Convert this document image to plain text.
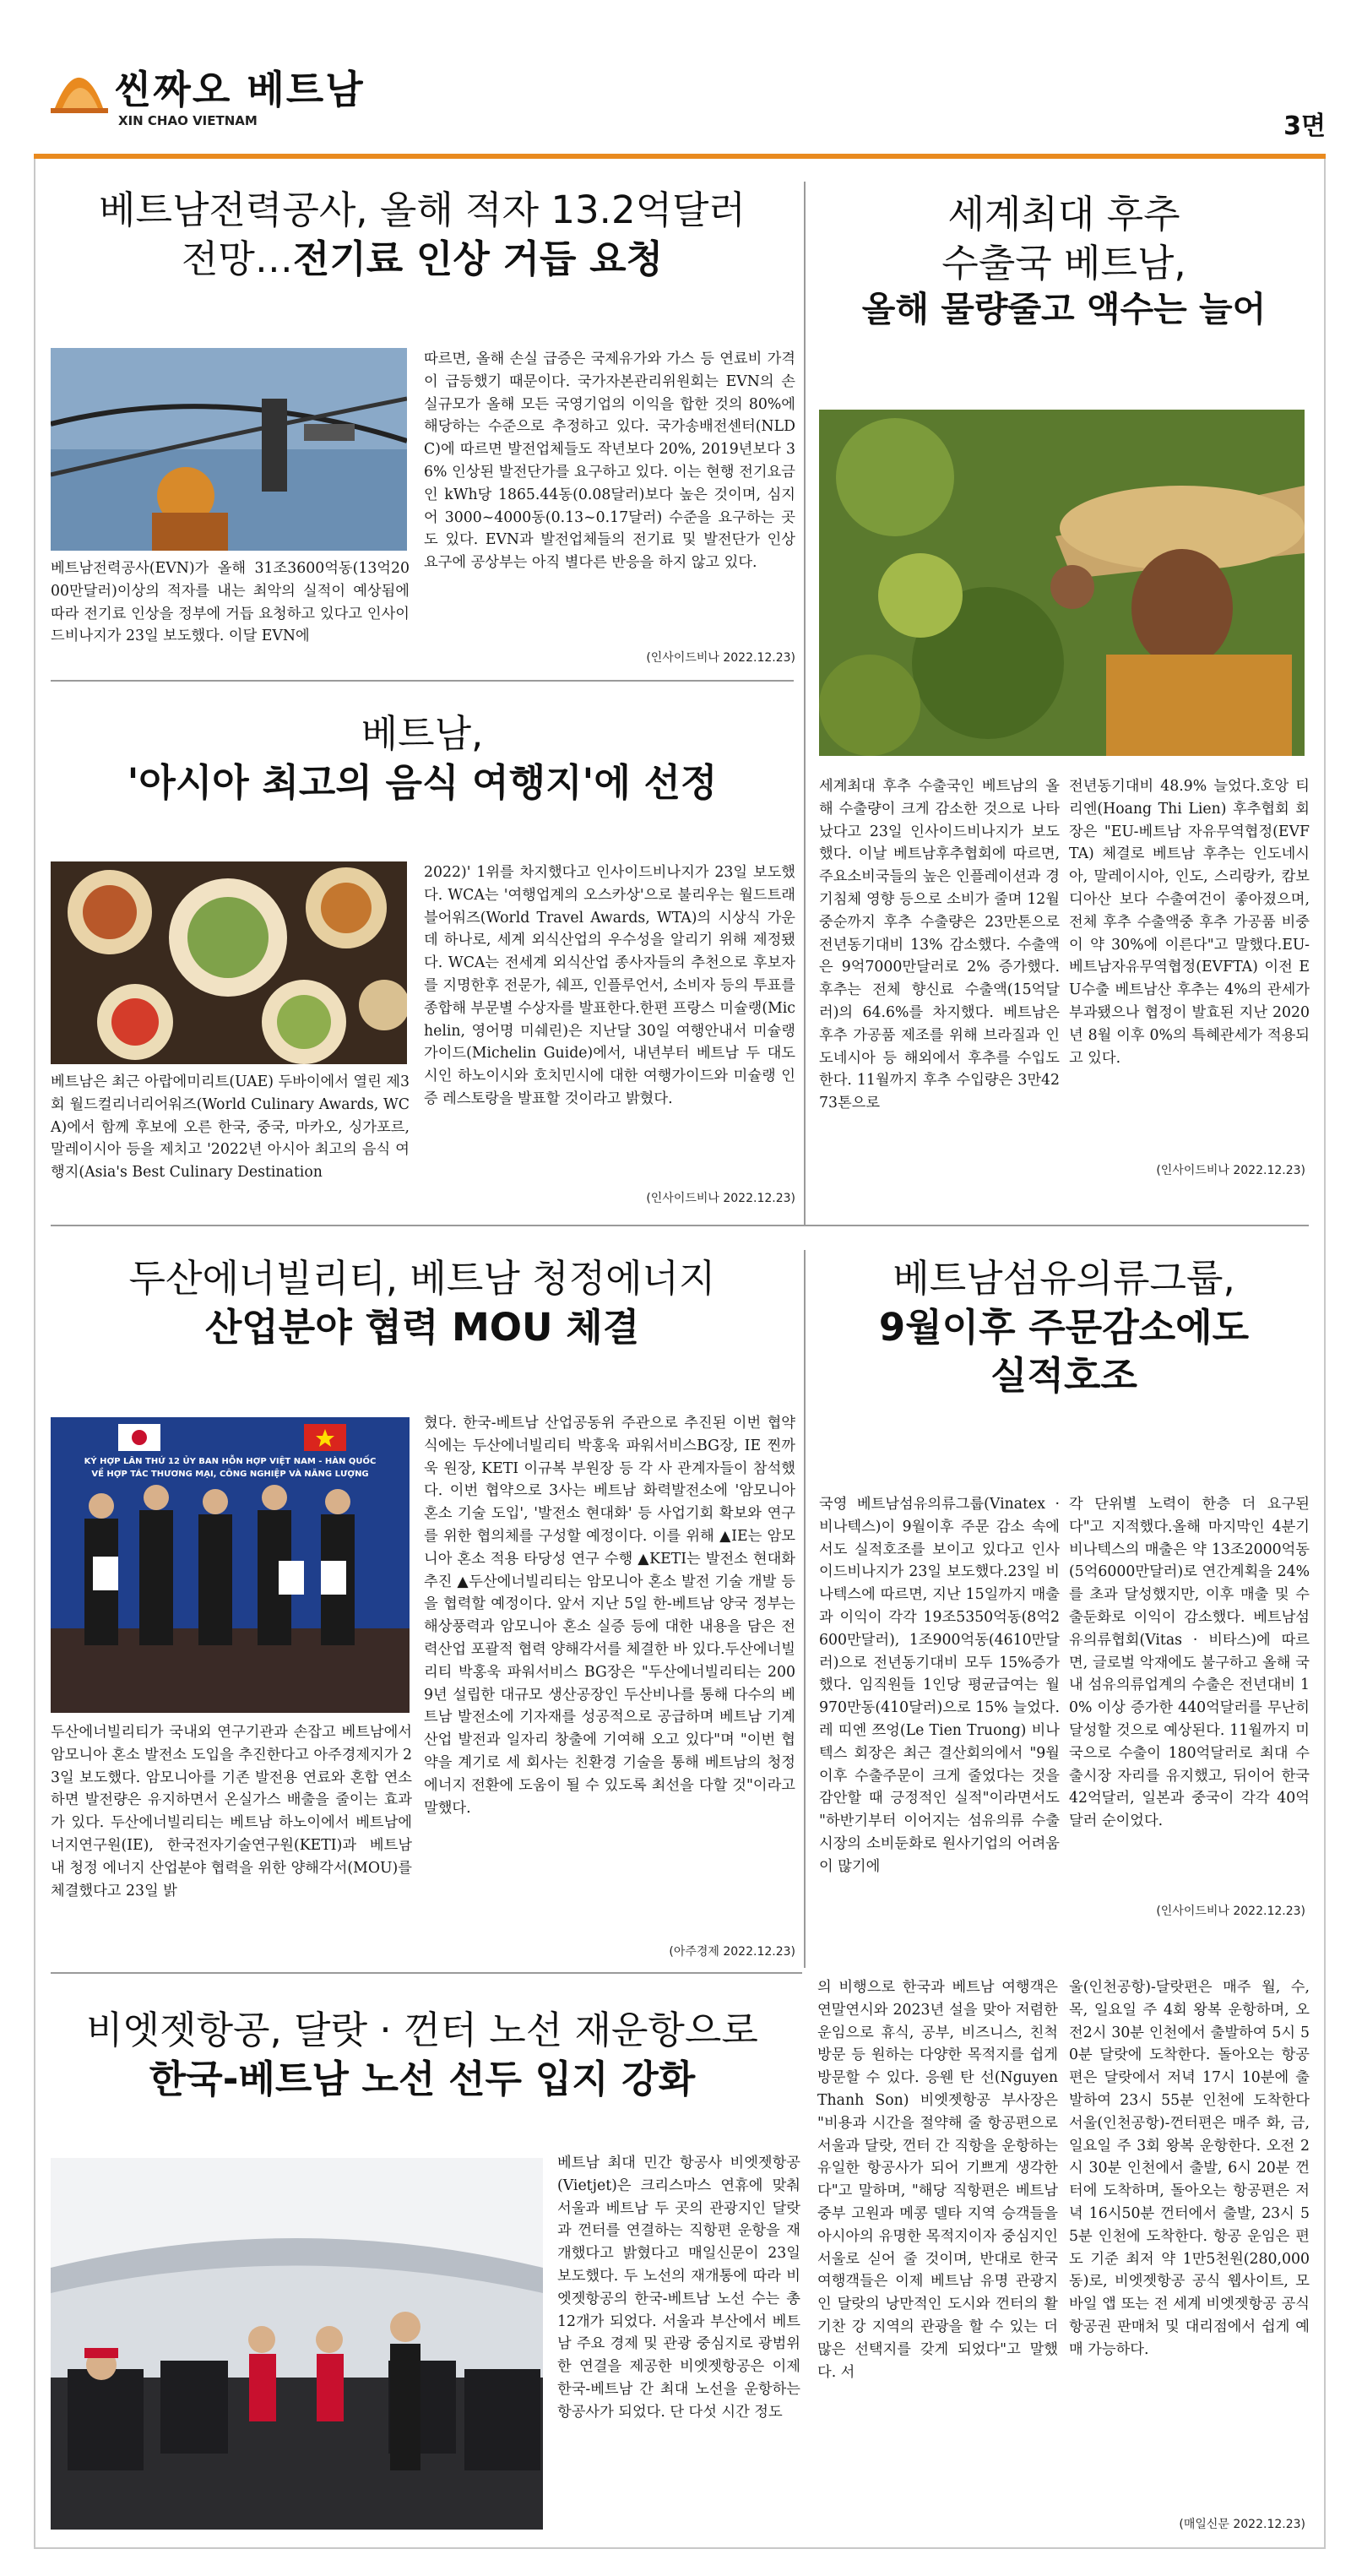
씬짜오 베트남
XIN CHAO VIETNAM	3면
베트남전력공사, 올해 적자 13.2억달러
전망…전기료 인상 거듭 요청
베트남전력공사(EVN)가 올해 31조3600억동(13억2000만달러)이상의 적자를 내는 최악의 실적이 예상됨에 따라 전기료 인상을 정부에 거듭 요청하고 있다고 인사이드비나지가 23일 보도했다. 이달 EVN에
따르면, 올해 손실 급증은 국제유가와 가스 등 연료비 가격이 급등했기 때문이다. 국가자본관리위원회는 EVN의 손실규모가 올해 모든 국영기업의 이익을 합한 것의 80%에 해당하는 수준으로 추정하고 있다. 국가송배전센터(NLDC)에 따르면 발전업체들도 작년보다 20%, 2019년보다 36% 인상된 발전단가를 요구하고 있다. 이는 현행 전기요금인 kWh당 1865.44동(0.08달러)보다 높은 것이며, 심지어 3000~4000동(0.13~0.17달러) 수준을 요구하는 곳도 있다. EVN과 발전업체들의 전기료 및 발전단가 인상 요구에 공상부는 아직 별다른 반응을 하지 않고 있다.
(인사이드비나 2022.12.23)
세계최대 후추
수출국 베트남,
올해 물량줄고 액수는 늘어
세계최대 후추 수출국인 베트남의 올해 수출량이 크게 감소한 것으로 나타났다고 23일 인사이드비나지가 보도했다. 이날 베트남후추협회에 따르면, 주요소비국들의 높은 인플레이션과 경기침체 영향 등으로 소비가 줄며 12월 중순까지 후추 수출량은 23만톤으로 전년동기대비 13% 감소했다. 수출액은 9억7000만달러로 2% 증가했다. 후추는 전체 향신료 수출액(15억달러)의 64.6%를 차지했다. 베트남은 후추 가공품 제조를 위해 브라질과 인도네시아 등 해외에서 후추를 수입도 한다. 11월까지 후추 수입량은 3만4273톤으로
전년동기대비 48.9% 늘었다.호앙 티 리엔(Hoang Thi Lien) 후추협회 회장은 "EU-베트남 자유무역협정(EVFTA) 체결로 베트남 후추는 인도네시아, 말레이시아, 인도, 스리랑카, 캄보디아산 보다 수출여건이 좋아졌으며, 전체 후추 수출액중 후추 가공품 비중이 약 30%에 이른다"고 말했다.EU-베트남자유무역협정(EVFTA) 이전 EU수출 베트남산 후추는 4%의 관세가 부과됐으나 협정이 발효된 지난 2020년 8월 이후 0%의 특혜관세가 적용되고 있다.
(인사이드비나 2022.12.23)
베트남,
'아시아 최고의 음식 여행지'에 선정
베트남은 최근 아랍에미리트(UAE) 두바이에서 열린 제3회 월드컬리너리어워즈(World Culinary Awards, WCA)에서 함께 후보에 오른 한국, 중국, 마카오, 싱가포르, 말레이시아 등을 제치고 '2022년 아시아 최고의 음식 여행지(Asia's Best Culinary Destination
2022)' 1위를 차지했다고 인사이드비나지가 23일 보도했다. WCA는 '여행업계의 오스카상'으로 불리우는 월드트래블어워즈(World Travel Awards, WTA)의 시상식 가운데 하나로, 세계 외식산업의 우수성을 알리기 위해 제정됐다. WCA는 전세계 외식산업 종사자들의 추천으로 후보자를 지명한후 전문가, 쉐프, 인플루언서, 소비자 등의 투표를 종합해 부문별 수상자를 발표한다.한편 프랑스 미슐랭(Michelin, 영어명 미쉐린)은 지난달 30일 여행안내서 미슐랭가이드(Michelin Guide)에서, 내년부터 베트남 두 대도시인 하노이시와 호치민시에 대한 여행가이드와 미슐랭 인증 레스토랑을 발표할 것이라고 밝혔다.
(인사이드비나 2022.12.23)
두산에너빌리티, 베트남 청정에너지
산업분야 협력 MOU 체결
KÝ HỢP LÂN THỨ 12 ỦY BAN HỖN HỢP VIỆT NAM - HÀN QUỐC
VỀ HỢP TÁC THƯƠNG MẠI, CÔNG NGHIỆP VÀ NĂNG LƯỢNG
두산에너빌리티가 국내외 연구기관과 손잡고 베트남에서 암모니아 혼소 발전소 도입을 추진한다고 아주경제지가 23일 보도했다. 암모니아를 기존 발전용 연료와 혼합 연소하면 발전량은 유지하면서 온실가스 배출을 줄이는 효과가 있다. 두산에너빌리티는 베트남 하노이에서 베트남에너지연구원(IE), 한국전자기술연구원(KETI)과 베트남 내 청정 에너지 산업분야 협력을 위한 양해각서(MOU)를 체결했다고 23일 밝
혔다. 한국-베트남 산업공동위 주관으로 추진된 이번 협약식에는 두산에너빌리티 박홍욱 파워서비스BG장, IE 찐까욱 원장, KETI 이규복 부원장 등 각 사 관계자들이 참석했다. 이번 협약으로 3사는 베트남 화력발전소에 '암모니아 혼소 기술 도입', '발전소 현대화' 등 사업기회 확보와 연구를 위한 협의체를 구성할 예정이다. 이를 위해 ▲IE는 암모니아 혼소 적용 타당성 연구 수행 ▲KETI는 발전소 현대화 추진 ▲두산에너빌리티는 암모니아 혼소 발전 기술 개발 등을 협력할 예정이다. 앞서 지난 5일 한-베트남 양국 정부는 해상풍력과 암모니아 혼소 실증 등에 대한 내용을 담은 전력산업 포괄적 협력 양해각서를 체결한 바 있다.두산에너빌리티 박홍욱 파워서비스 BG장은 "두산에너빌리티는 2009년 설립한 대규모 생산공장인 두산비나를 통해 다수의 베트남 발전소에 기자재를 성공적으로 공급하며 베트남 기계산업 발전과 일자리 창출에 기여해 오고 있다"며 "이번 협약을 계기로 세 회사는 친환경 기술을 통해 베트남의 청정에너지 전환에 도움이 될 수 있도록 최선을 다할 것"이라고 말했다.
(아주경제 2022.12.23)
베트남섬유의류그룹,
9월이후 주문감소에도
실적호조
국영 베트남섬유의류그룹(Vinatex · 비나텍스)이 9월이후 주문 감소 속에서도 실적호조를 보이고 있다고 인사이드비나지가 23일 보도했다.23일 비나텍스에 따르면, 지난 15일까지 매출과 이익이 각각 19조5350억동(8억2600만달러), 1조900억동(4610만달러)으로 전년동기대비 모두 15%증가했다. 임직원들 1인당 평균급여는 월 970만동(410달러)으로 15% 늘었다. 레 띠엔 쯔엉(Le Tien Truong) 비나텍스 회장은 최근 결산회의에서 "9월이후 수출주문이 크게 줄었다는 것을 감안할 때 긍정적인 실적"이라면서도 "하반기부터 이어지는 섬유의류 수출시장의 소비둔화로 원사기업의 어려움이 많기에
각 단위별 노력이 한층 더 요구된다"고 지적했다.올해 마지막인 4분기 비나텍스의 매출은 약 13조2000억동(5억6000만달러)로 연간계획을 24%를 초과 달성했지만, 이후 매출 및 수출둔화로 이익이 감소했다. 베트남섬유의류협회(Vitas · 비타스)에 따르면, 글로벌 악재에도 불구하고 올해 국내 섬유의류업계의 수출은 전년대비 10% 이상 증가한 440억달러를 무난히 달성할 것으로 예상된다. 11월까지 미국으로 수출이 180억달러로 최대 수출시장 자리를 유지했고, 뒤이어 한국 42억달러, 일본과 중국이 각각 40억달러 순이었다.
(인사이드비나 2022.12.23)
비엣젯항공, 달랏 · 껀터 노선 재운항으로
한국-베트남 노선 선두 입지 강화
베트남 최대 민간 항공사 비엣젯항공(Vietjet)은 크리스마스 연휴에 맞춰 서울과 베트남 두 곳의 관광지인 달랏과 껀터를 연결하는 직항편 운항을 재개했다고 밝혔다고 매일신문이 23일 보도했다. 두 노선의 재개통에 따라 비엣젯항공의 한국-베트남 노선 수는 총 12개가 되었다. 서울과 부산에서 베트남 주요 경제 및 관광 중심지로 광범위한 연결을 제공한 비엣젯항공은 이제 한국-베트남 간 최대 노선을 운항하는 항공사가 되었다. 단 다섯 시간 정도
의 비행으로 한국과 베트남 여행객은 연말연시와 2023년 설을 맞아 저렴한 운임으로 휴식, 공부, 비즈니스, 친척 방문 등 원하는 다양한 목적지를 쉽게 방문할 수 있다. 응웬 탄 선(Nguyen Thanh Son) 비엣젯항공 부사장은 "비용과 시간을 절약해 줄 항공편으로 서울과 달랏, 껀터 간 직항을 운항하는 유일한 항공사가 되어 기쁘게 생각한다"고 말하며, "해당 직항편은 베트남 중부 고원과 메콩 델타 지역 승객들을 아시아의 유명한 목적지이자 중심지인 서울로 싣어 줄 것이며, 반대로 한국 여행객들은 이제 베트남 유명 관광지인 달랏의 낭만적인 도시와 껀터의 활기찬 강 지역의 관광을 할 수 있는 더 많은 선택지를 갖게 되었다"고 말했다. 서
울(인천공항)-달랏편은 매주 월, 수, 목, 일요일 주 4회 왕복 운항하며, 오전2시 30분 인천에서 출발하여 5시 50분 달랏에 도착한다. 돌아오는 항공편은 달랏에서 저녁 17시 10분에 출발하여 23시 55분 인천에 도착한다 서울(인천공항)-껀터편은 매주 화, 금, 일요일 주 3회 왕복 운항한다. 오전 2시 30분 인천에서 출발, 6시 20분 껀터에 도착하며, 돌아오는 항공편은 저녁 16시50분 껀터에서 출발, 23시 55분 인천에 도착한다. 항공 운임은 편도 기준 최저 약 1만5천원(280,000동)로, 비엣젯항공 공식 웹사이트, 모바일 앱 또는 전 세계 비엣젯항공 공식 항공권 판매처 및 대리점에서 쉽게 예매 가능하다.
(매일신문 2022.12.23)
